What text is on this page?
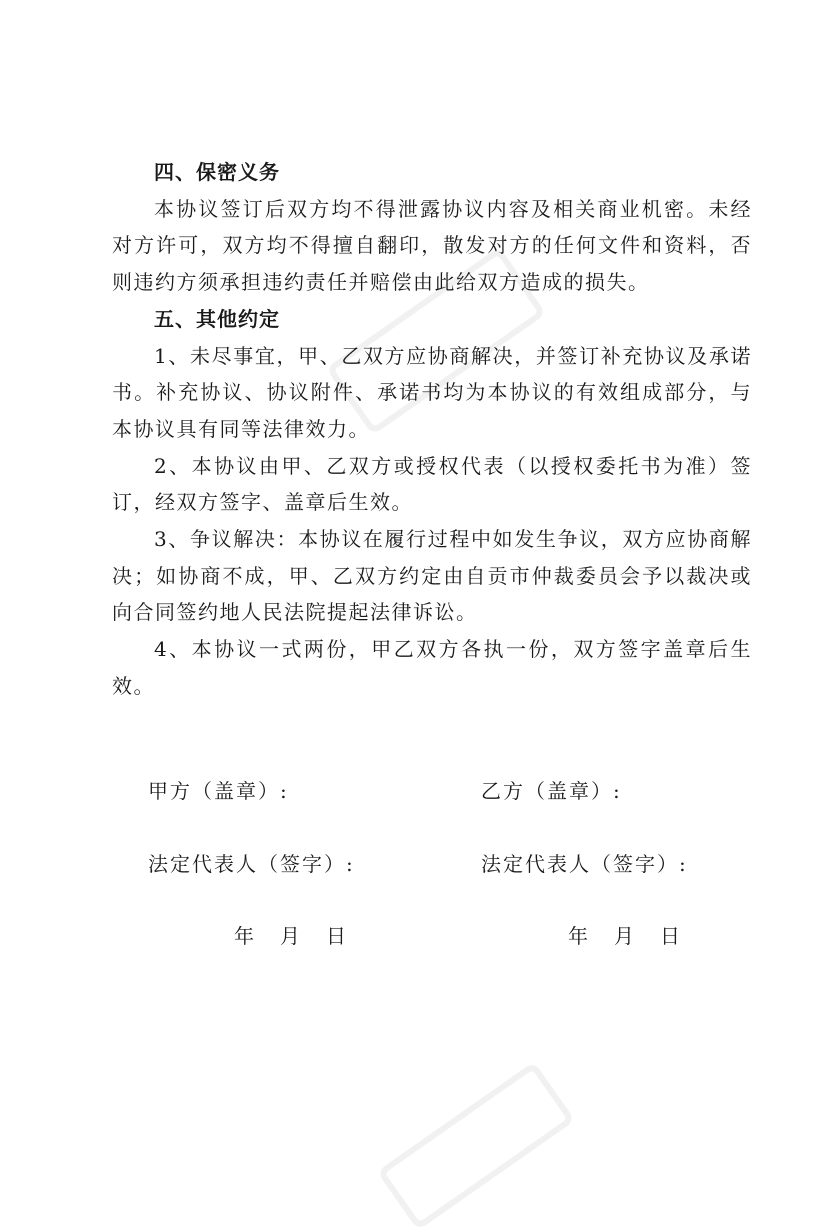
四、保密义务

本协议签订后双方均不得泄露协议内容及相关商业机密。未经对方许可，双方均不得擅自翻印，散发对方的任何文件和资料，否则违约方须承担违约责任并赔偿由此给双方造成的损失。

五、其他约定

1、未尽事宜，甲、乙双方应协商解决，并签订补充协议及承诺书。补充协议、协议附件、承诺书均为本协议的有效组成部分，与本协议具有同等法律效力。

2、本协议由甲、乙双方或授权代表（以授权委托书为准）签订，经双方签字、盖章后生效。

3、争议解决：本协议在履行过程中如发生争议，双方应协商解决；如协商不成，甲、乙双方约定由自贡市仲裁委员会予以裁决或向合同签约地人民法院提起法律诉讼。

4、本协议一式两份，甲乙双方各执一份，双方签字盖章后生效。

甲方（盖章）:
法定代表人（签字）:
年 月 日
乙方（盖章）:
法定代表人（签字）:
年 月 日
